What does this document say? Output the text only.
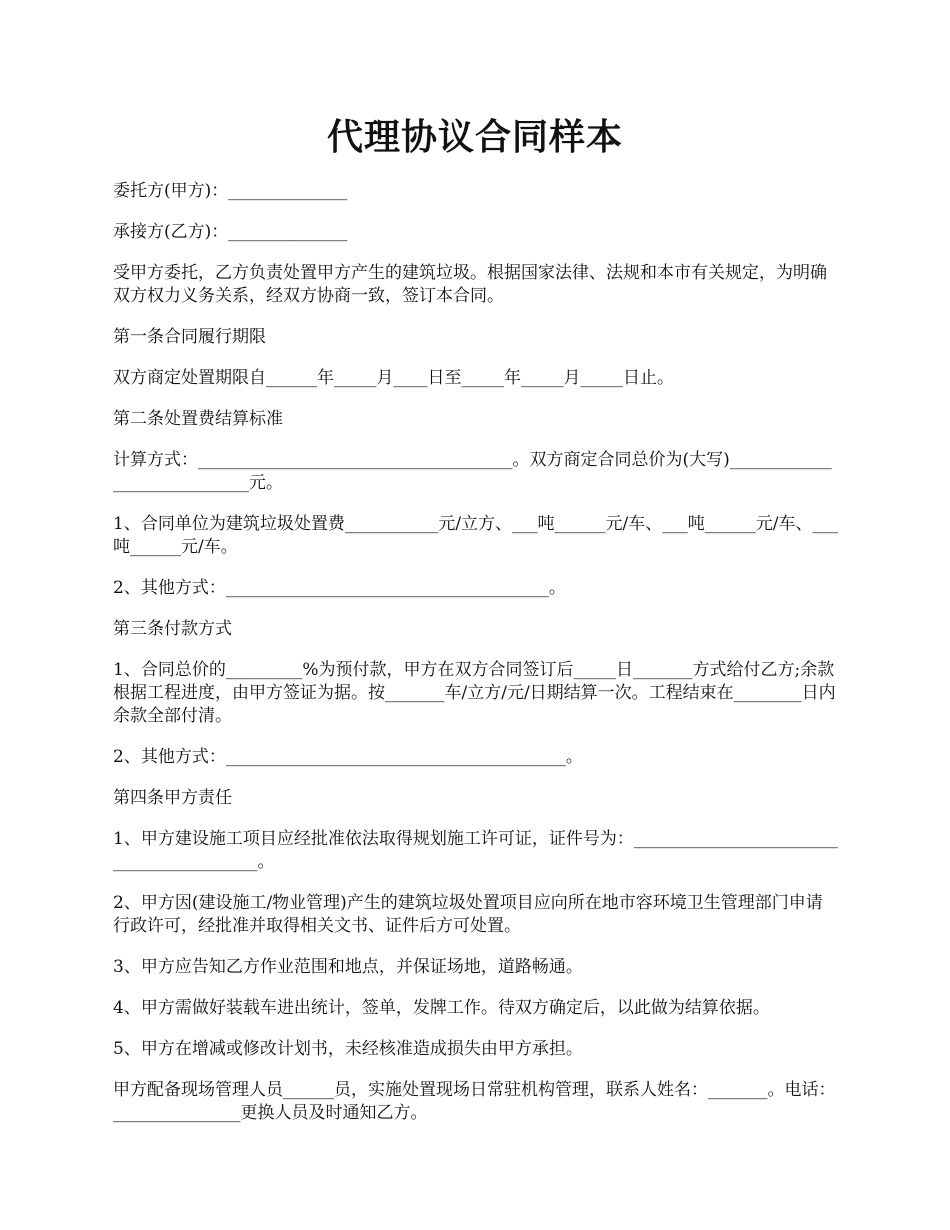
代理协议合同样本

委托方(甲方)：______________

承接方(乙方)：______________

受甲方委托，乙方负责处置甲方产生的建筑垃圾。根据国家法律、法规和本市有关规定，为明确双方权力义务关系，经双方协商一致，签订本合同。

第一条合同履行期限

双方商定处置期限自______年_____月____日至_____年_____月_____日止。

第二条处置费结算标准

计算方式：_____________________________________。双方商定合同总价为(大写)____________________________元。

1、合同单位为建筑垃圾处置费___________元/立方、___吨______元/车、___吨______元/车、___吨______元/车。

2、其他方式：______________________________________。

第三条付款方式

1、合同总价的_________%为预付款，甲方在双方合同签订后_____日_______方式给付乙方;余款根据工程进度，由甲方签证为据。按_______车/立方/元/日期结算一次。工程结束在________日内余款全部付清。

2、其他方式：________________________________________。

第四条甲方责任

1、甲方建设施工项目应经批准依法取得规划施工许可证，证件号为：_________________________________________。

2、甲方因(建设施工/物业管理)产生的建筑垃圾处置项目应向所在地市容环境卫生管理部门申请行政许可，经批准并取得相关文书、证件后方可处置。

3、甲方应告知乙方作业范围和地点，并保证场地，道路畅通。

4、甲方需做好装载车进出统计，签单，发牌工作。待双方确定后，以此做为结算依据。

5、甲方在增减或修改计划书，未经核准造成损失由甲方承担。

甲方配备现场管理人员______员，实施处置现场日常驻机构管理，联系人姓名：_______。电话：_______________更换人员及时通知乙方。
